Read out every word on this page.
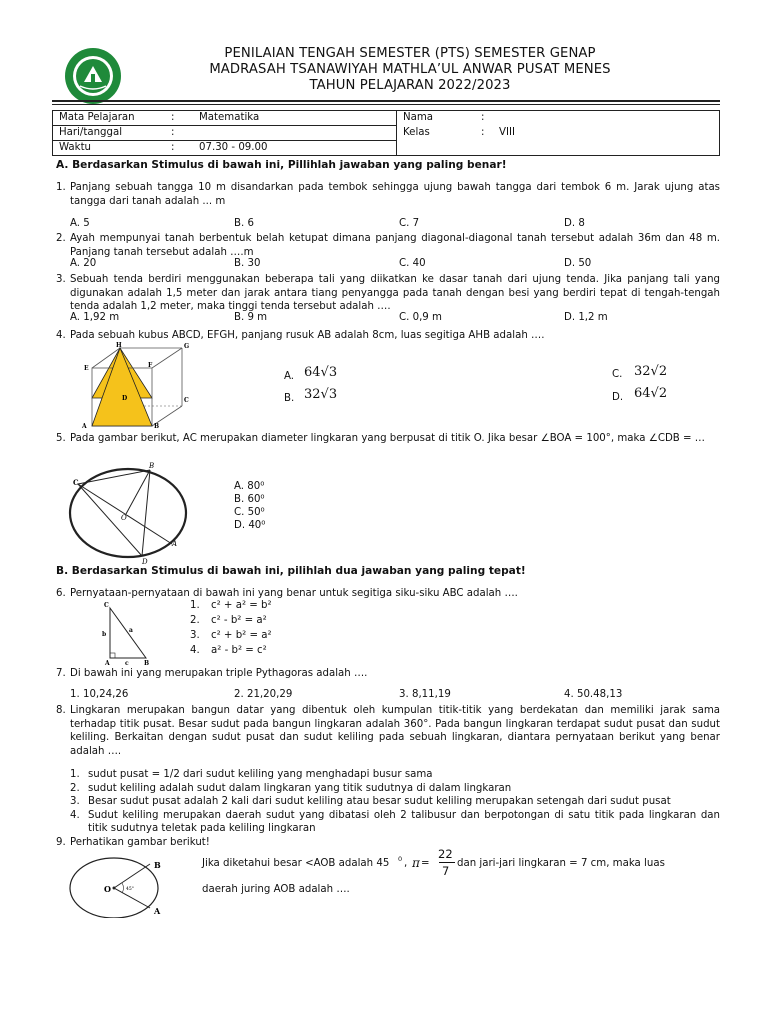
PENILAIAN TENGAH SEMESTER (PTS) SEMESTER GENAP
MADRASAH TSANAWIYAH MATHLA’UL ANWAR PUSAT MENES
TAHUN PELAJARAN 2022/2023
Mata Pelajaran	: Matematika
Hari/tanggal	:
Waktu	: 07.30 - 09.00
Nama	:
Kelas	: VIII
A. Berdasarkan Stimulus di bawah ini, Pillihlah jawaban yang paling benar!
1. Panjang sebuah tangga 10 m disandarkan pada tembok sehingga ujung bawah tangga dari tembok 6 m. Jarak ujung atas tangga dari tanah adalah ... m
A. 5	B. 6	C. 7	D. 8
2. Ayah mempunyai tanah berbentuk belah ketupat dimana panjang diagonal-diagonal tanah tersebut adalah 36m dan 48 m. Panjang tanah tersebut adalah ….m
A. 20	B. 30	C. 40	D. 50
3. Sebuah tenda berdiri menggunakan beberapa tali yang diikatkan ke dasar tanah dari ujung tenda. Jika panjang tali yang digunakan adalah 1,5 meter dan jarak antara tiang penyangga pada tanah dengan besi yang berdiri tepat di tengah-tengah tenda adalah 1,2 meter, maka tinggi tenda tersebut adalah ….
A. 1,92 m	B. 9 m	C. 0,9 m	D. 1,2 m
4. Pada sebuah kubus ABCD, EFGH, panjang rusuk AB adalah 8cm, luas segitiga AHB adalah ….
H	G
E	F
D	C
A	B
A. 64√3
B. 32√3
C. 32√2
D. 64√2
5. Pada gambar berikut, AC merupakan diameter lingkaran yang berpusat di titik O. Jika besar ∠BOA = 100°, maka ∠CDB = …
C
B
O
A
D
A. 80⁰
B. 60⁰
C. 50⁰
D. 40⁰
B. Berdasarkan Stimulus di bawah ini, pilihlah dua jawaban yang paling tepat!
6. Pernyataan-pernyataan di bawah ini yang benar untuk segitiga siku-siku ABC adalah ….
C
a
b
A	c	B
1. c² + a² = b²
2. c² - b² = a²
3. c² + b² = a²
4. a² - b² = c²
7. Di bawah ini yang merupakan triple Pythagoras adalah ….
1. 10,24,26	2. 21,20,29	3. 8,11,19	4. 50.48,13
8. Lingkaran merupakan bangun datar yang dibentuk oleh kumpulan titik-titik yang berdekatan dan memiliki jarak sama terhadap titik pusat. Besar sudut pada bangun lingkaran adalah 360°. Pada bangun lingkaran terdapat sudut pusat dan sudut keliling. Berkaitan dengan sudut pusat dan sudut keliling pada sebuah lingkaran, diantara pernyataan berikut yang benar adalah ….
1. sudut pusat = 1/2 dari sudut keliling yang menghadapi busur sama
2. sudut keliling adalah sudut dalam lingkaran yang titik sudutnya di dalam lingkaran
3. Besar sudut pusat adalah 2 kali dari sudut keliling atau besar sudut keliling merupakan setengah dari sudut pusat
4. Sudut keliling merupakan daerah sudut yang dibatasi oleh 2 talibusur dan berpotongan di satu titik pada lingkaran dan titik sudutnya teletak pada keliling lingkaran
9. Perhatikan gambar berikut!
O
B
A
45°
Jika diketahui besar <AOB adalah 45 0 , π =
22
7
dan jari-jari lingkaran = 7 cm, maka luas
daerah juring AOB adalah ….
